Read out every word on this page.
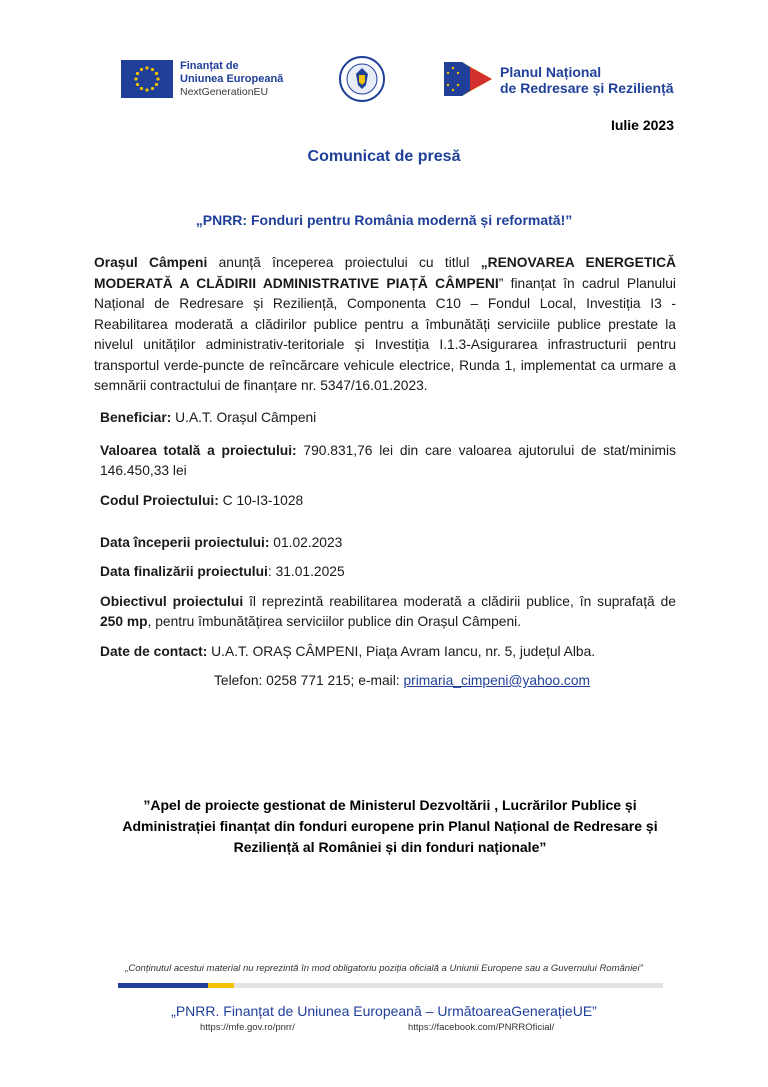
Finanțat de
Uniunea Europeană
NextGenerationEU
Planul Național
de Redresare și Reziliență
Iulie 2023
Comunicat de presă
„PNRR: Fonduri pentru România modernă și reformată!”
Orașul Câmpeni anunță începerea proiectului cu titlul „RENOVAREA ENERGETICĂ MODERATĂ A CLĂDIRII ADMINISTRATIVE PIAȚĂ CÂMPENI” finanțat în cadrul Planului Național de Redresare și Reziliență, Componenta C10 – Fondul Local, Investiția I3 - Reabilitarea moderată a clădirilor publice pentru a îmbunătăți serviciile publice prestate la nivelul unităților administrativ-teritoriale și Investiția I.1.3-Asigurarea infrastructurii pentru transportul verde-puncte de reîncărcare vehicule electrice, Runda 1, implementat ca urmare a semnării contractului de finanțare nr. 5347/16.01.2023.
Beneficiar: U.A.T. Orașul Câmpeni
Valoarea totală a proiectului: 790.831,76 lei din care valoarea ajutorului de stat/minimis 146.450,33 lei
Codul Proiectului: C 10-I3-1028
Data începerii proiectului: 01.02.2023
Data finalizării proiectului: 31.01.2025
Obiectivul proiectului îl reprezintă reabilitarea moderată a clădirii publice, în suprafață de 250 mp, pentru îmbunătățirea serviciilor publice din Orașul Câmpeni.
Date de contact: U.A.T. ORAȘ CÂMPENI, Piața Avram Iancu, nr. 5, județul Alba.
Telefon: 0258 771 215; e-mail: primaria_cimpeni@yahoo.com
”Apel de proiecte gestionat de Ministerul Dezvoltării , Lucrărilor Publice și Administrației finanțat din fonduri europene prin Planul Național de Redresare și Reziliență al României și din fonduri naționale”
„Conținutul acestui material nu reprezintă în mod obligatoriu poziția oficială a Uniunii Europene sau a Guvernului României”
„PNRR. Finanțat de Uniunea Europeană – UrmătoareaGenerațieUE”
https://mfe.gov.ro/pnrr/	https://facebook.com/PNRROficial/
